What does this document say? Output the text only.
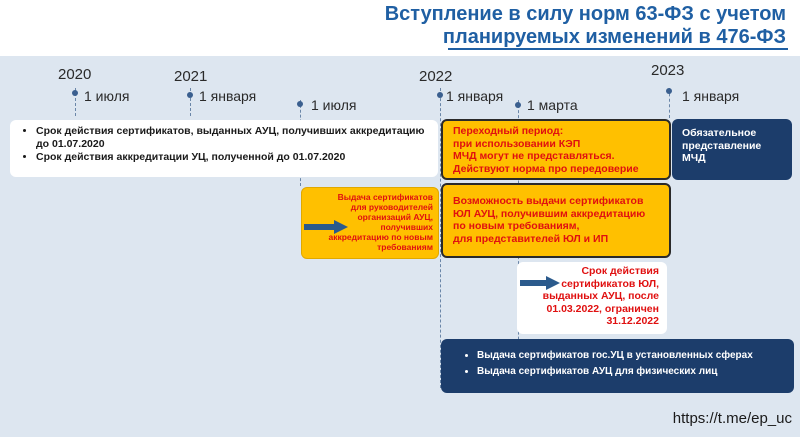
Вступление в силу норм 63-ФЗ с учетом
планируемых изменений в 476-ФЗ
2020	2021	2022	2023
1 июля	1 января
1 июля
1 января
1 марта
1 января
• Срок действия сертификатов, выданных АУЦ, получивших аккредитацию до 01.07.2020
• Срок действия аккредитации УЦ, полученной до 01.07.2020
Переходный период:
при использовании КЭП
МЧД могут не представляться.
Действуют норма про передоверие
Обязательное
представление
МЧД
Выдача сертификатов
для руководителей
организаций АУЦ,
получивших
аккредитацию по новым
требованиям
Возможность выдачи сертификатов
ЮЛ АУЦ, получившим аккредитацию
по новым требованиям,
для представителей ЮЛ и ИП
Срок действия
сертификатов ЮЛ,
выданных АУЦ, после
01.03.2022, ограничен
31.12.2022
• Выдача сертификатов гос.УЦ в установленных сферах
• Выдача сертификатов АУЦ для физических лиц
https://t.me/ep_uc
